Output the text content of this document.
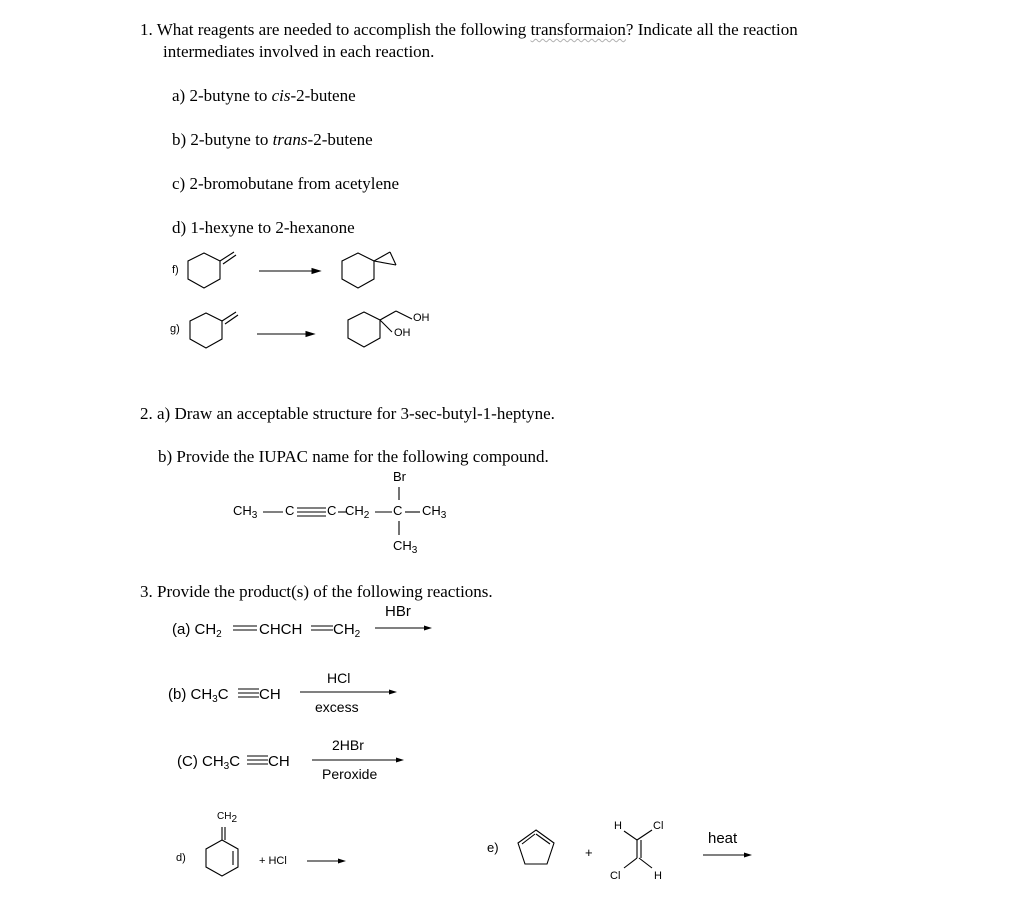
1. What reagents are needed to accomplish the following transformaion? Indicate all the reaction
intermediates involved in each reaction.
a) 2-butyne to cis-2-butene
b) 2-butyne to trans-2-butene
c) 2-bromobutane from acetylene
d) 1-hexyne to 2-hexanone
f)
g)
OH
OH
2. a) Draw an acceptable structure for 3-sec-butyl-1-heptyne.
b) Provide the IUPAC name for the following compound.
Br
$CH_3$ C	C $CH_2$ C $CH_3$
$CH_3$
3. Provide the product(s) of the following reactions.
HBr
(a) $CH_2$ CHCH $CH_2$
HCl
(b) $CH_3C$ CH
excess
2HBr
(C) $CH_3C$ CH
Peroxide
$CH_2$
d)	+ HCl
e)	+
H	Cl
Cl	H
heat
